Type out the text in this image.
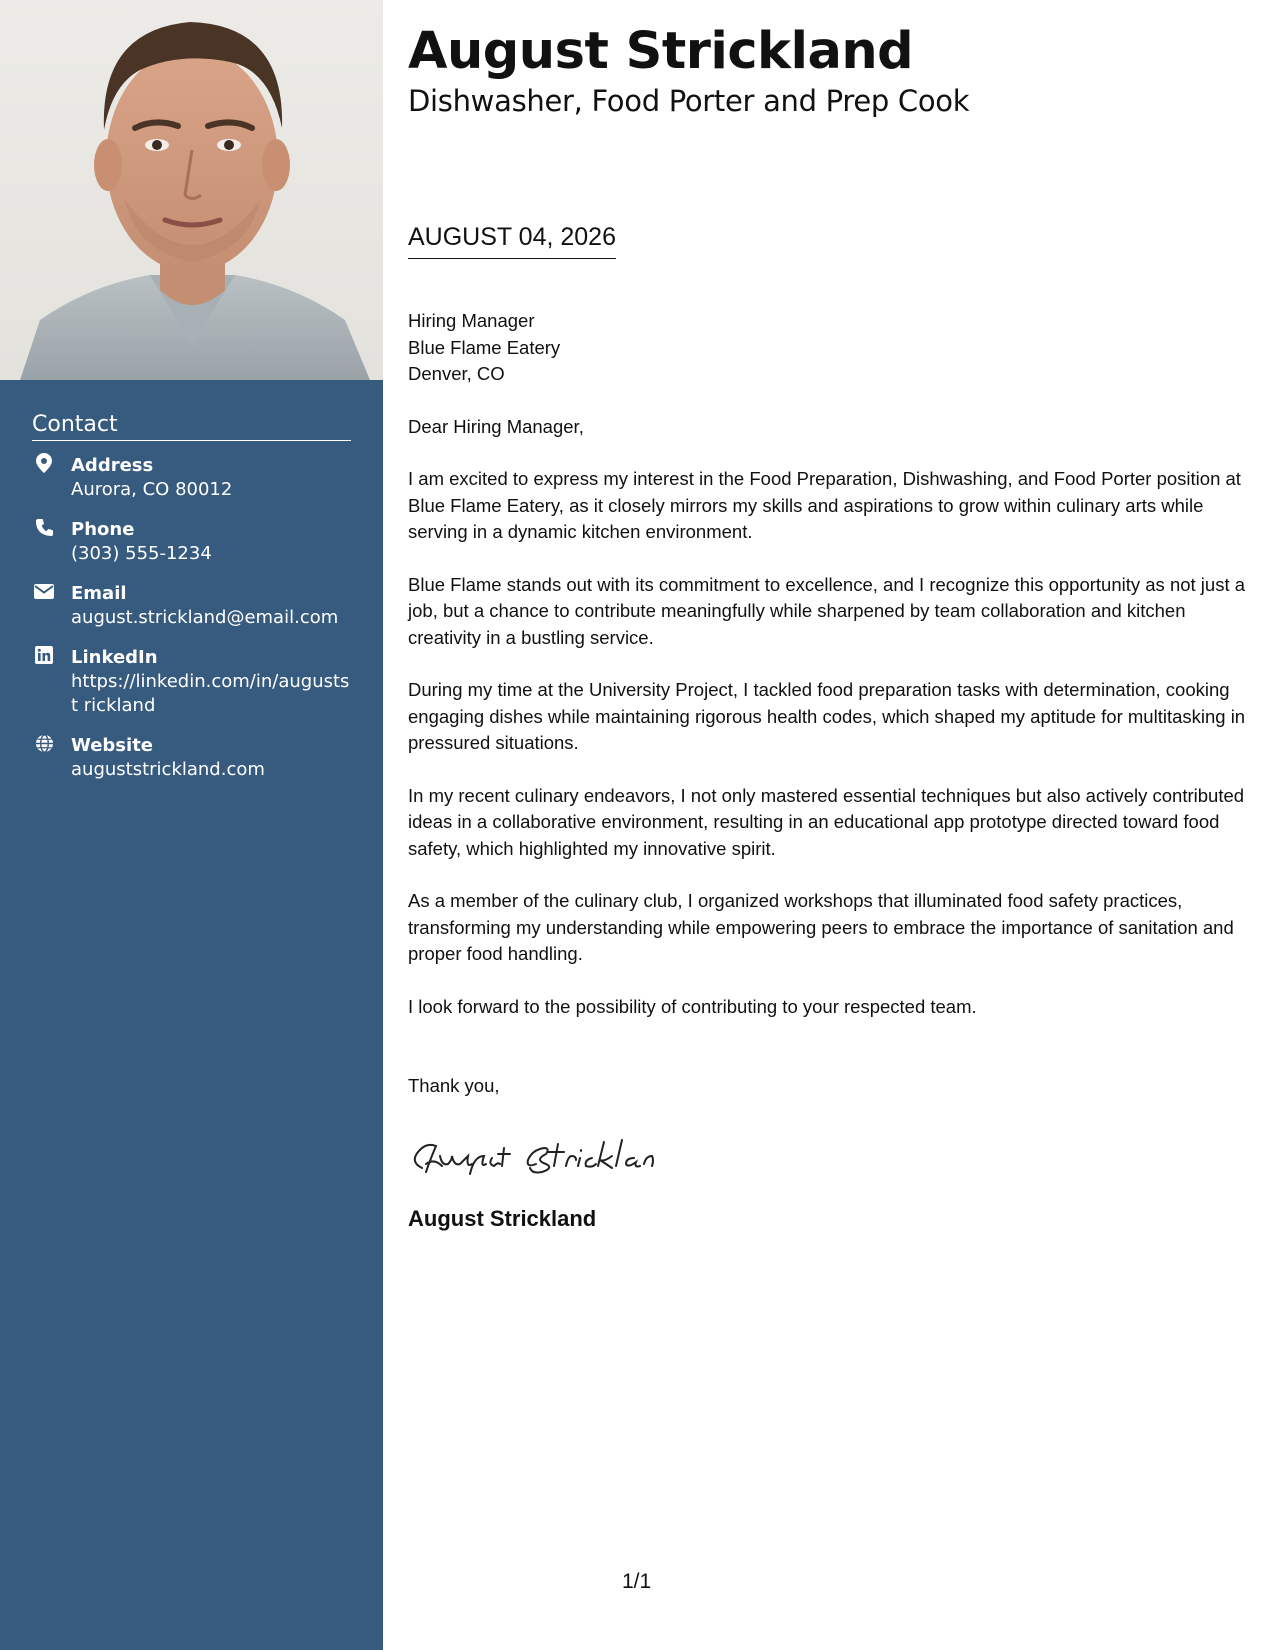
Contact
Address
Aurora, CO 80012
Phone
(303) 555-1234
Email
august.strickland@email.com
LinkedIn
https://linkedin.com/in/augustst rickland
Website
auguststrickland.com
August Strickland
Dishwasher, Food Porter and Prep Cook
AUGUST 04, 2026

Hiring Manager
Blue Flame Eatery
Denver, CO

Dear Hiring Manager,

I am excited to express my interest in the Food Preparation, Dishwashing, and Food Porter position at Blue Flame Eatery, as it closely mirrors my skills and aspirations to grow within culinary arts while serving in a dynamic kitchen environment.

Blue Flame stands out with its commitment to excellence, and I recognize this opportunity as not just a job, but a chance to contribute meaningfully while sharpened by team collaboration and kitchen creativity in a bustling service.

During my time at the University Project, I tackled food preparation tasks with determination, cooking engaging dishes while maintaining rigorous health codes, which shaped my aptitude for multitasking in pressured situations.

In my recent culinary endeavors, I not only mastered essential techniques but also actively contributed ideas in a collaborative environment, resulting in an educational app prototype directed toward food safety, which highlighted my innovative spirit.

As a member of the culinary club, I organized workshops that illuminated food safety practices, transforming my understanding while empowering peers to embrace the importance of sanitation and proper food handling.

I look forward to the possibility of contributing to your respected team.

Thank you,
August Strickland
1/1
